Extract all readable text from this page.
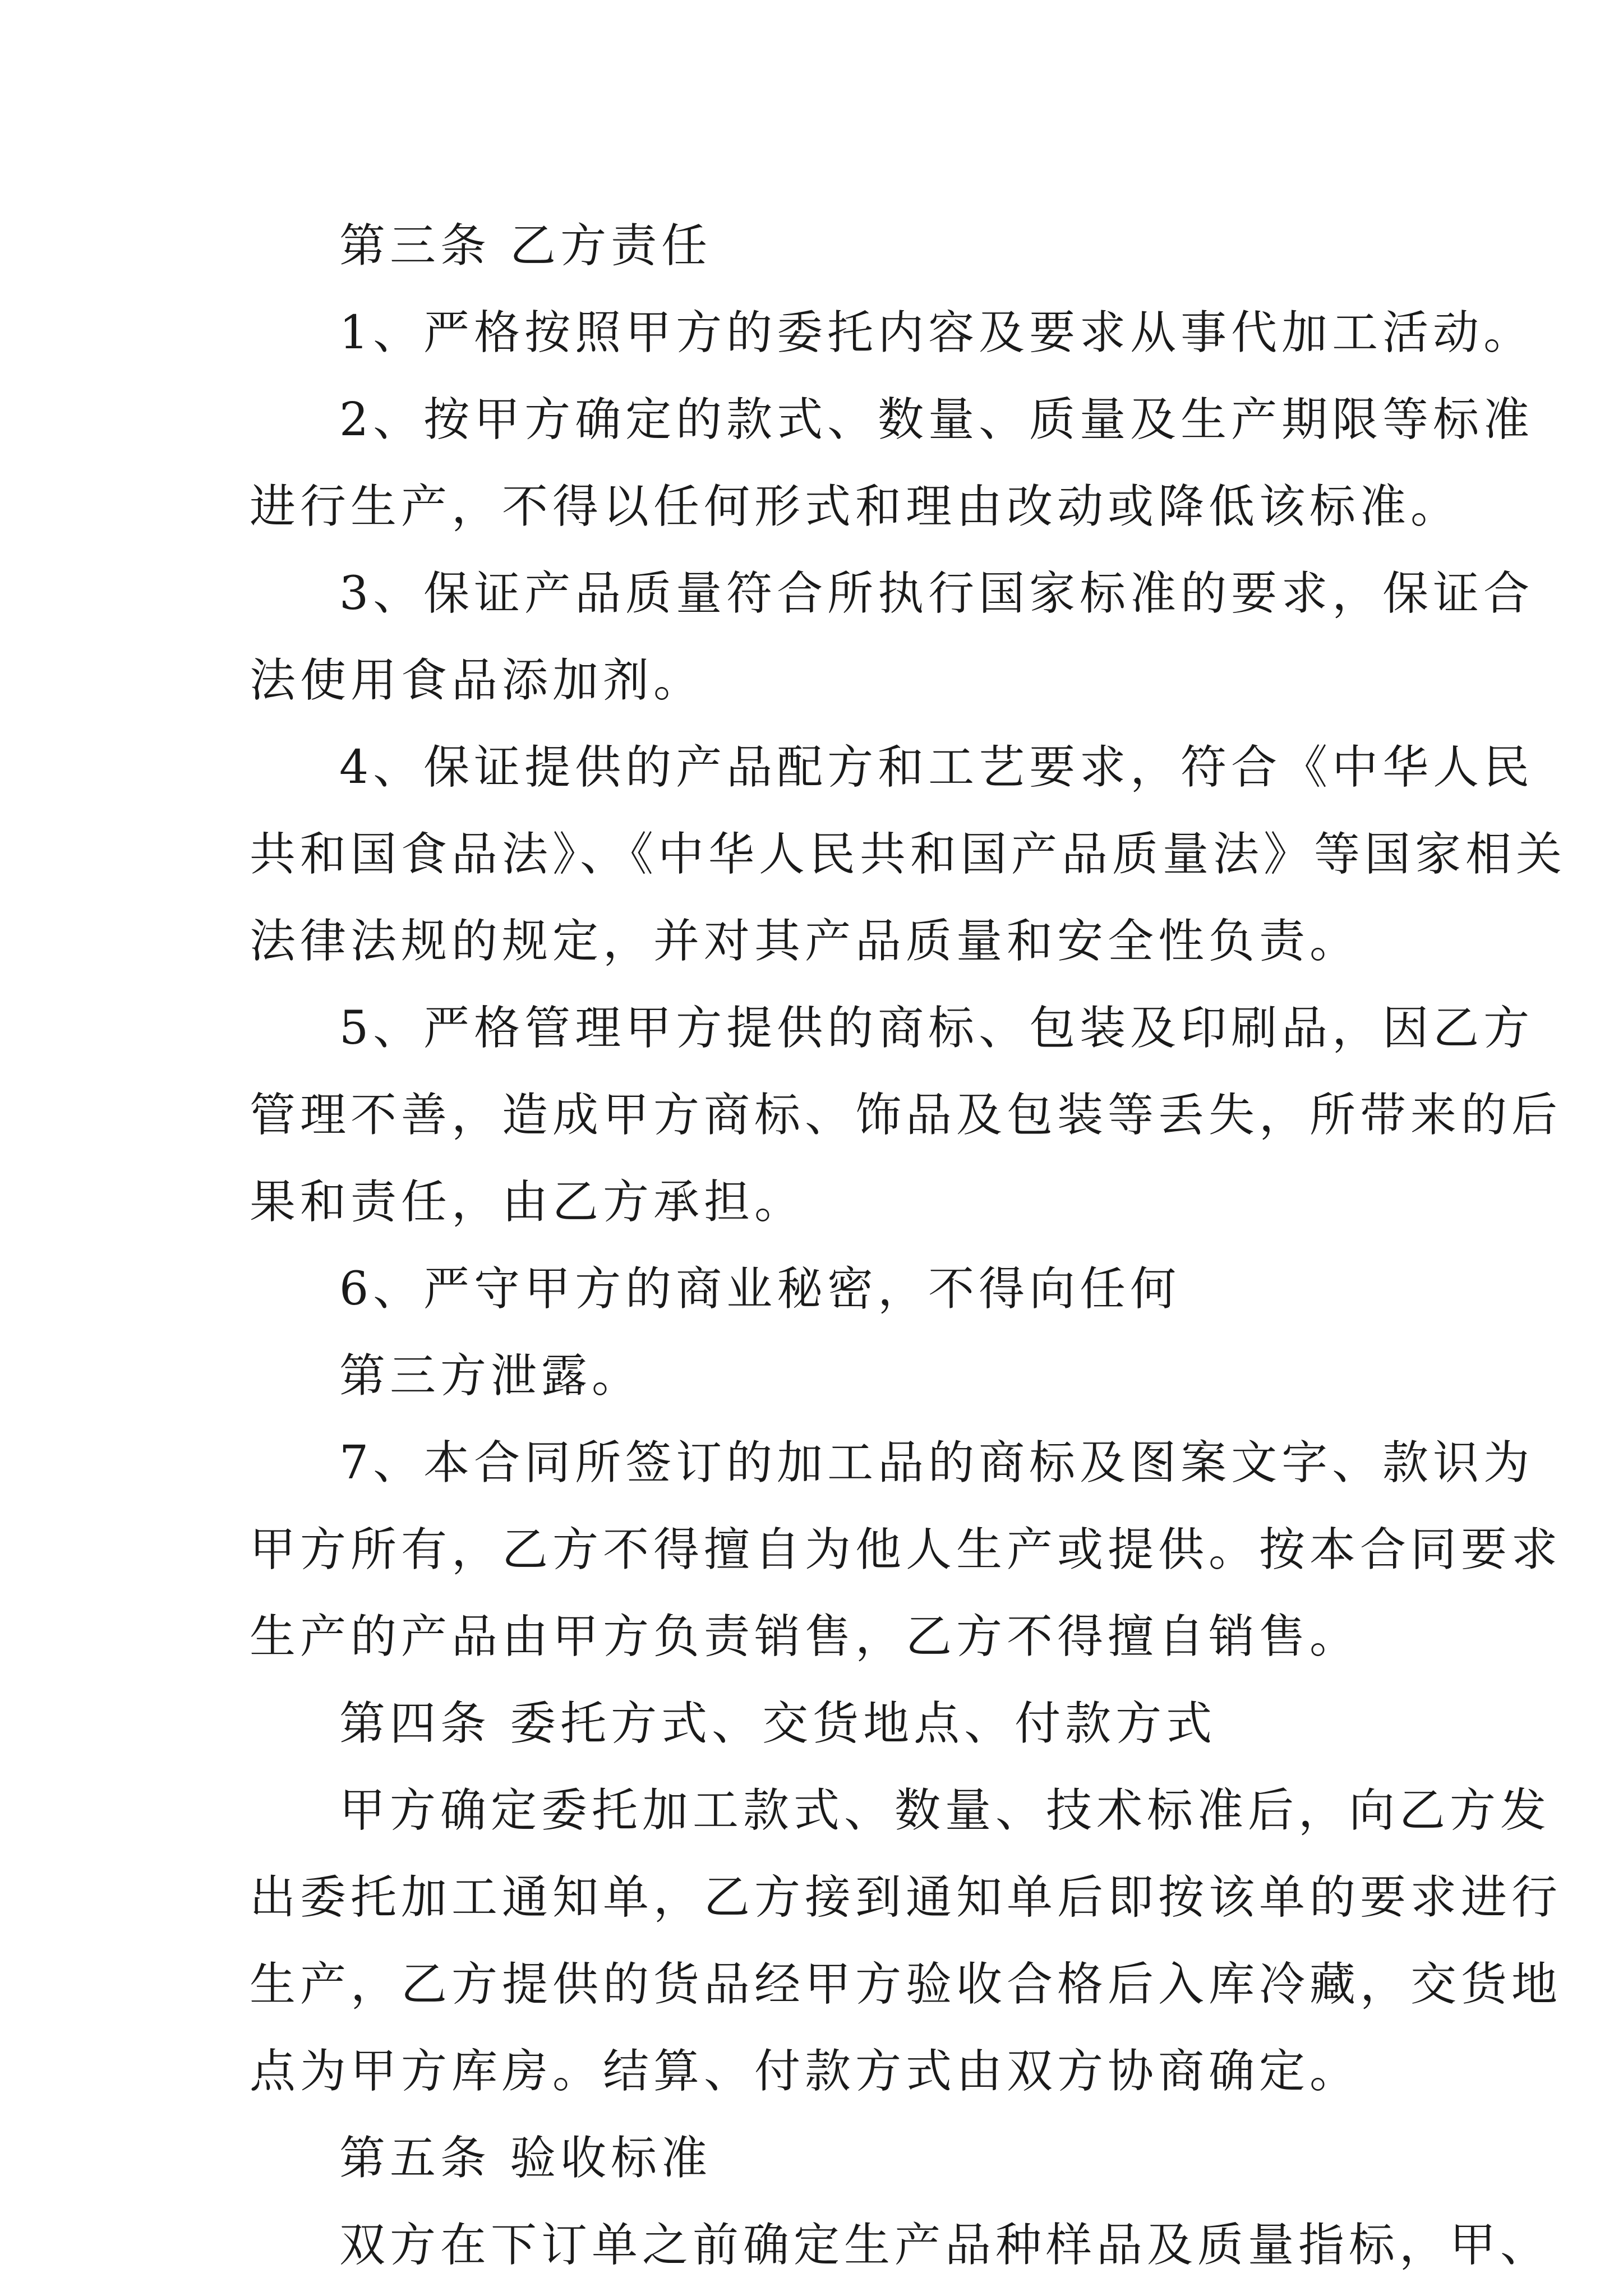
第三条 乙方责任
1、严格按照甲方的委托内容及要求从事代加工活动。
2、按甲方确定的款式、数量、质量及生产期限等标准
进行生产，不得以任何形式和理由改动或降低该标准。
3、保证产品质量符合所执行国家标准的要求，保证合
法使用食品添加剂。
4、保证提供的产品配方和工艺要求，符合《中华人民
共和国食品法》、《中华人民共和国产品质量法》等国家相关
法律法规的规定，并对其产品质量和安全性负责。
5、严格管理甲方提供的商标、包装及印刷品，因乙方
管理不善，造成甲方商标、饰品及包装等丢失，所带来的后
果和责任，由乙方承担。
6、严守甲方的商业秘密，不得向任何
第三方泄露。
7、本合同所签订的加工品的商标及图案文字、款识为
甲方所有，乙方不得擅自为他人生产或提供。按本合同要求
生产的产品由甲方负责销售，乙方不得擅自销售。
第四条 委托方式、交货地点、付款方式
甲方确定委托加工款式、数量、技术标准后，向乙方发
出委托加工通知单，乙方接到通知单后即按该单的要求进行
生产，乙方提供的货品经甲方验收合格后入库冷藏，交货地
点为甲方库房。结算、付款方式由双方协商确定。
第五条 验收标准
双方在下订单之前确定生产品种样品及质量指标，甲、
